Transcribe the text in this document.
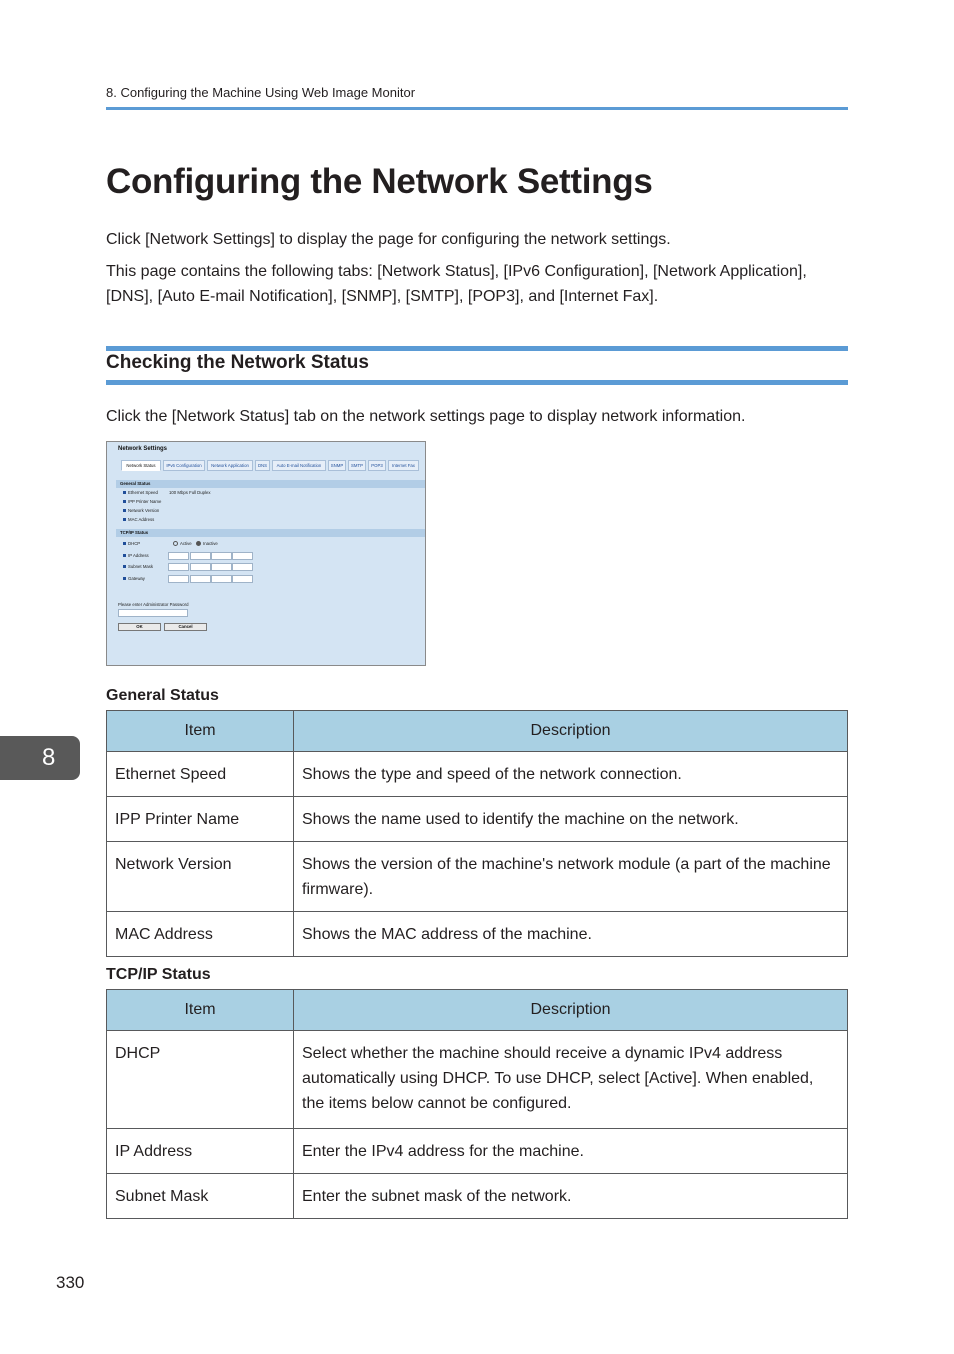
8. Configuring the Machine Using Web Image Monitor
Configuring the Network Settings

Click [Network Settings] to display the page for configuring the network settings.

This page contains the following tabs: [Network Status], [IPv6 Configuration], [Network Application], [DNS], [Auto E-mail Notification], [SNMP], [SMTP], [POP3], and [Internet Fax].

Checking the Network Status

Click the [Network Status] tab on the network settings page to display network information.

Network Settings
Network Status	IPv6 Configuration	Network Application	DNS	Auto E-mail Notification	SNMP	SMTP	POP3	Internet Fax
General Status
Ethernet Speed	100 Mbps Full Duplex
IPP Printer Name
Network Version
MAC Address
TCP/IP Status
DHCP	Active	Inactive
IP Address
Subnet Mask
Gateway
Please enter Administrator Password
OK	Cancel
General Status
Item	Description
Ethernet Speed	Shows the type and speed of the network connection.
IPP Printer Name	Shows the name used to identify the machine on the network.
Network Version	Shows the version of the machine's network module (a part of the machine firmware).
MAC Address	Shows the MAC address of the machine.
TCP/IP Status
Item	Description
DHCP	Select whether the machine should receive a dynamic IPv4 address automatically using DHCP. To use DHCP, select [Active]. When enabled, the items below cannot be configured.
IP Address	Enter the IPv4 address for the machine.
Subnet Mask	Enter the subnet mask of the network.
8
330
